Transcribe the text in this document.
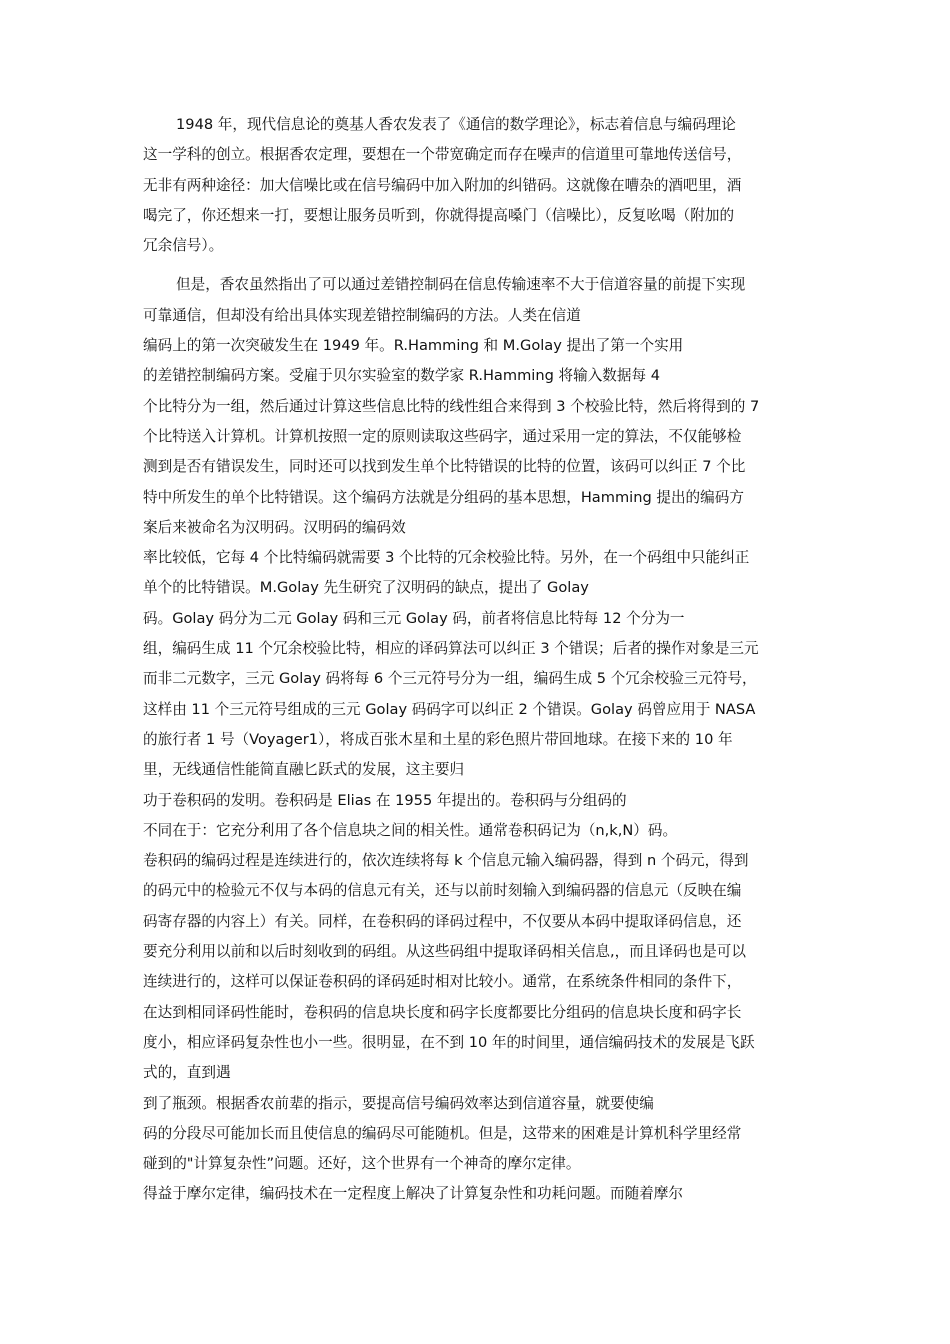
1948 年，现代信息论的奠基人香农发表了《通信的数学理论》，标志着信息与编码理论
这一学科的创立。根据香农定理，要想在一个带宽确定而存在噪声的信道里可靠地传送信号，
无非有两种途径：加大信噪比或在信号编码中加入附加的纠错码。这就像在嘈杂的酒吧里，酒
喝完了，你还想来一打，要想让服务员听到，你就得提高嗓门（信噪比），反复吆喝（附加的
冗余信号）。
但是，香农虽然指出了可以通过差错控制码在信息传输速率不大于信道容量的前提下实现
可靠通信，但却没有给出具体实现差错控制编码的方法。人类在信道
编码上的第一次突破发生在 1949 年。R.Hamming 和 M.Golay 提出了第一个实用
的差错控制编码方案。受雇于贝尔实验室的数学家 R.Hamming 将输入数据每 4
个比特分为一组，然后通过计算这些信息比特的线性组合来得到 3 个校验比特，然后将得到的 7
个比特送入计算机。计算机按照一定的原则读取这些码字，通过采用一定的算法，不仅能够检
测到是否有错误发生，同时还可以找到发生单个比特错误的比特的位置，该码可以纠正 7 个比
特中所发生的单个比特错误。这个编码方法就是分组码的基本思想，Hamming 提出的编码方
案后来被命名为汉明码。汉明码的编码效
率比较低，它每 4 个比特编码就需要 3 个比特的冗余校验比特。另外，在一个码组中只能纠正
单个的比特错误。M.Golay 先生研究了汉明码的缺点，提出了 Golay
码。Golay 码分为二元 Golay 码和三元 Golay 码，前者将信息比特每 12 个分为一
组，编码生成 11 个冗余校验比特，相应的译码算法可以纠正 3 个错误；后者的操作对象是三元
而非二元数字，三元 Golay 码将每 6 个三元符号分为一组，编码生成 5 个冗余校验三元符号，
这样由 11 个三元符号组成的三元 Golay 码码字可以纠正 2 个错误。Golay 码曾应用于 NASA
的旅行者 1 号（Voyager1），将成百张木星和土星的彩色照片带回地球。在接下来的 10 年
里，无线通信性能简直融匕跃式的发展，这主要归
功于卷积码的发明。卷积码是 Elias 在 1955 年提出的。卷积码与分组码的
不同在于：它充分利用了各个信息块之间的相关性。通常卷积码记为（n,k,N）码。
卷积码的编码过程是连续进行的，依次连续将每 k 个信息元输入编码器，得到 n 个码元，得到
的码元中的检验元不仅与本码的信息元有关，还与以前时刻输入到编码器的信息元（反映在编
码寄存器的内容上）有关。同样，在卷积码的译码过程中，不仅要从本码中提取译码信息，还
要充分利用以前和以后时刻收到的码组。从这些码组中提取译码相关信息,，而且译码也是可以
连续进行的，这样可以保证卷积码的译码延时相对比较小。通常，在系统条件相同的条件下，
在达到相同译码性能时，卷积码的信息块长度和码字长度都要比分组码的信息块长度和码字长
度小，相应译码复杂性也小一些。很明显，在不到 10 年的时间里，通信编码技术的发展是飞跃
式的，直到遇
到了瓶颈。根据香农前辈的指示，要提高信号编码效率达到信道容量，就要使编
码的分段尽可能加长而且使信息的编码尽可能随机。但是，这带来的困难是计算机科学里经常
碰到的"计算复杂性”问题。还好，这个世界有一个神奇的摩尔定律。
得益于摩尔定律，编码技术在一定程度上解决了计算复杂性和功耗问题。而随着摩尔
